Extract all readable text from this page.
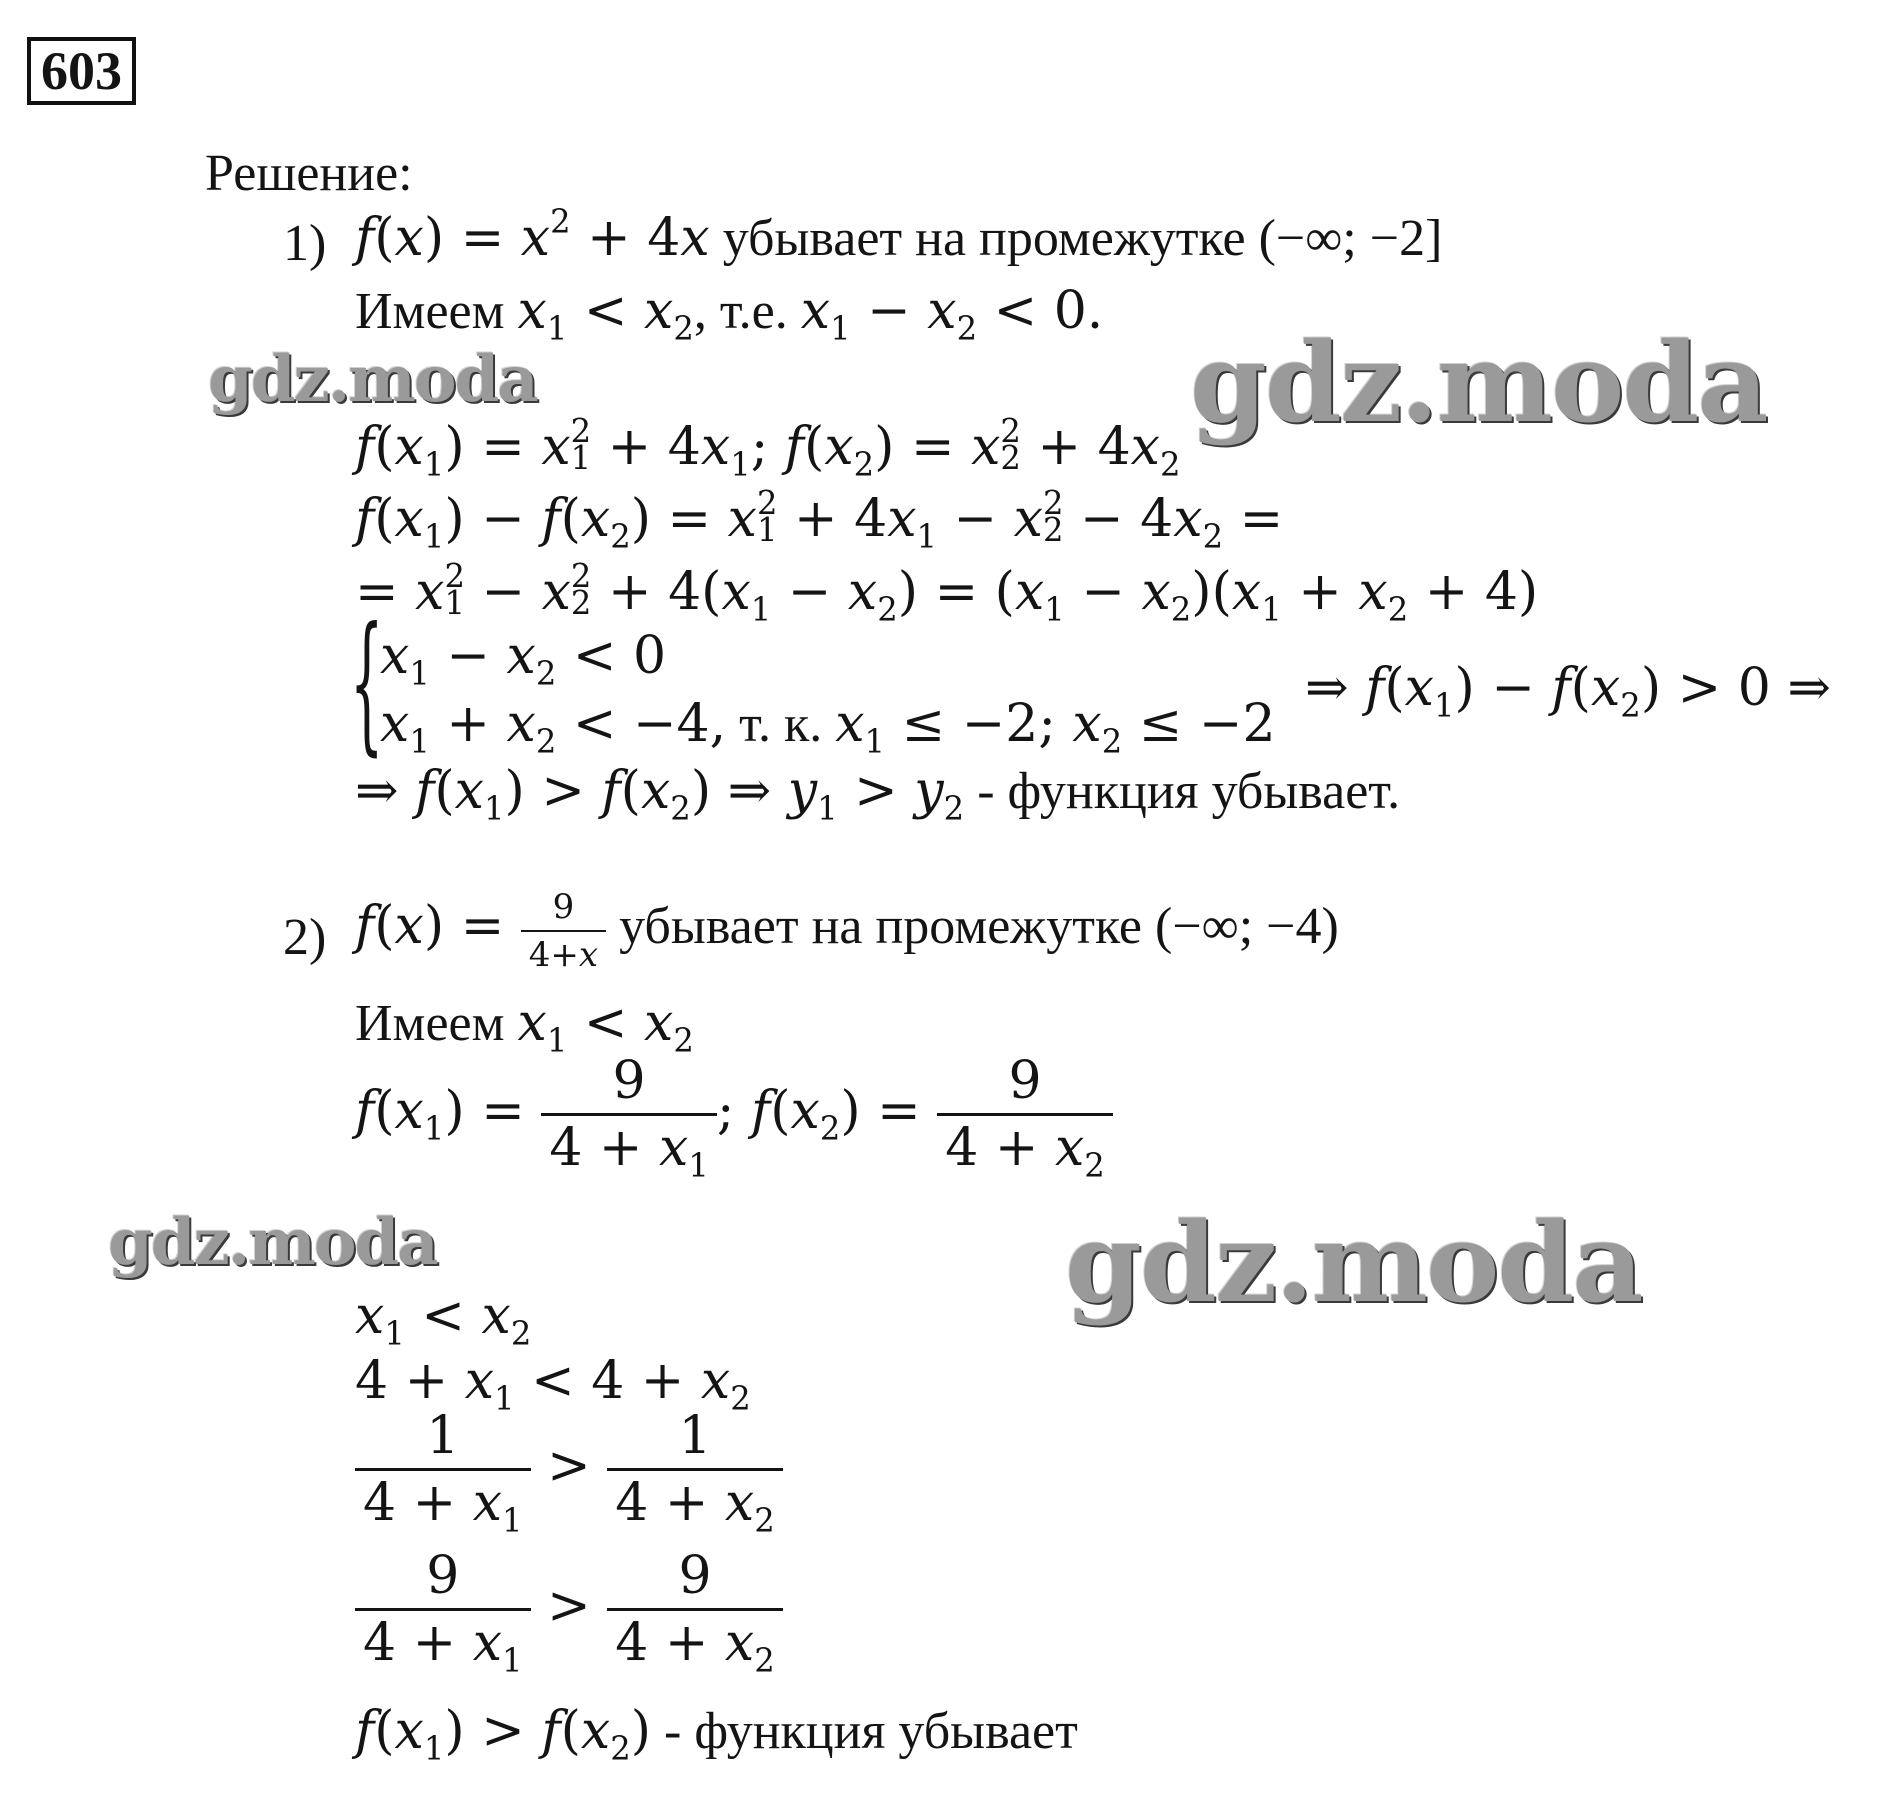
603
Решение:
1) $f(x) = x^2 + 4x$ убывает на промежутке (−∞; −2]
Имеем $x_1 < x_2$, т.е. $x_1 - x_2 < 0$.
$f(x_1) = x$ 2
$1 + 4x_1$; $f(x_2) = x$ 2
$2 + 4x_2$
$f(x_1) - f(x_2) = x$ 2
$1 + 4x_1 - x$ 2
$2 - 4x_2$ =
= x 2
1 − x 2
$2 + 4(x_1 - x_2) = (x_1 - x_2)(x_1 + x_2 + 4)$
{
$x_1 - x_2 < 0$
$x_1 + x_2 < -4$, т. к. $x_1 \le -2$; $x_2 \le -2$
⇒ $f(x_1) - f(x_2) > 0$ ⇒
⇒ $f(x_1) > f(x_2)$ ⇒ $y_1 > y_2$ - функция убывает.
2) $f(x) = \frac{9}{4+x}$ убывает на промежутке (−∞; −4)
Имеем $x_1 < x_2$
$f(x_1) = \frac{9}{4 + x_1}$ ; $f(x_2) = \frac{9}{4 + x_2}$
$x_1 < x_2$
$4 + x_1 < 4 + x_2$
$\frac{1}{4 + x_1} > \frac{1}{4 + x_2}$
$\frac{9}{4 + x_1} > \frac{9}{4 + x_2}$
$f(x_1) > f(x_2)$ - функция убывает
gdz.moda	gdz.moda
gdz.moda	gdz.moda
